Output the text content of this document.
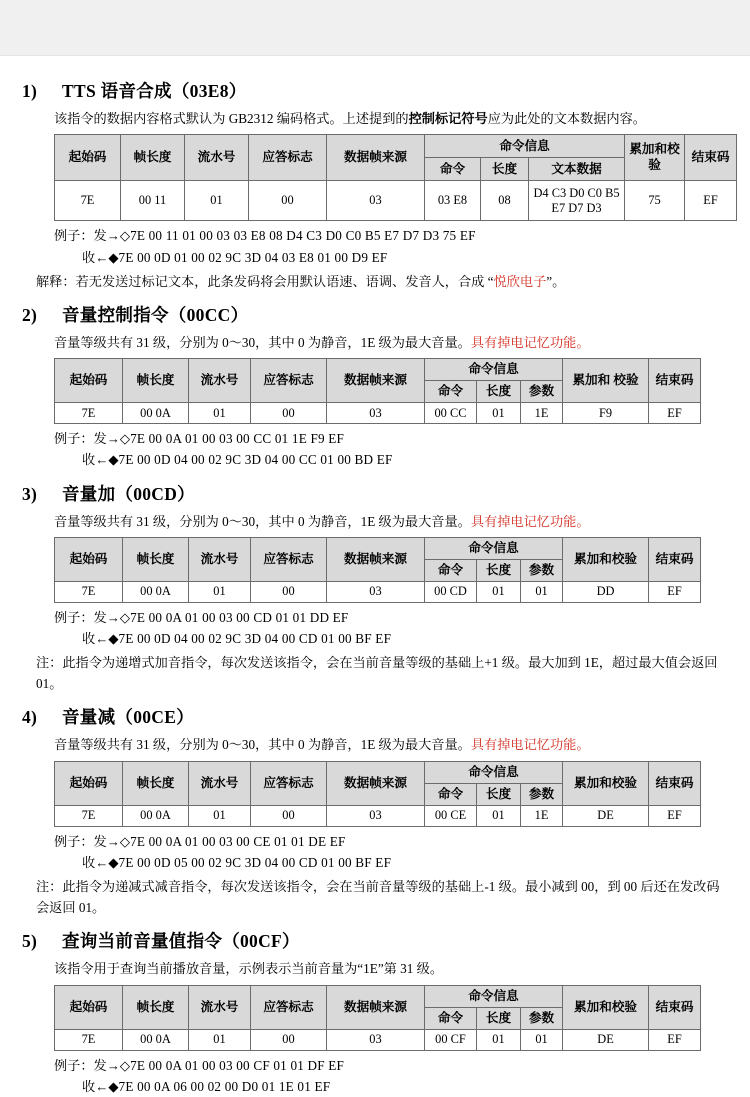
1) TTS 语音合成（03E8）
该指令的数据内容格式默认为 GB2312 编码格式。上述提到的控制标记符号应为此处的文本数据内容。
起始码	帧长度	流水号	应答标志	数据帧来源	命令信息			累加和校验	结束码
					命令	长度	文本数据		
7E	00 11	01	00	03	03 E8	08	D4 C3 D0 C0 B5 E7 D7 D3	75	EF
例子：发→◇7E 00 11 01 00 03 03 E8 08 D4 C3 D0 C0 B5 E7 D7 D3 75 EF
收←◆7E 00 0D 01 00 02 9C 3D 04 03 E8 01 00 D9 EF
解释：若无发送过标记文本，此条发码将会用默认语速、语调、发音人，合成 “悦欣电子”。
2) 音量控制指令（00CC）
音量等级共有 31 级，分别为 0～30，其中 0 为静音，1E 级为最大音量。具有掉电记忆功能。
起始码	帧长度	流水号	应答标志	数据帧来源	命令信息			累加和 校验	结束码
					命令	长度	参数		
7E	00 0A	01	00	03	00 CC	01	1E	F9	EF
例子：发→◇7E 00 0A 01 00 03 00 CC 01 1E F9 EF
收←◆7E 00 0D 04 00 02 9C 3D 04 00 CC 01 00 BD EF
3) 音量加（00CD）
音量等级共有 31 级，分别为 0～30，其中 0 为静音，1E 级为最大音量。具有掉电记忆功能。
起始码	帧长度	流水号	应答标志	数据帧来源	命令信息			累加和校验	结束码
					命令	长度	参数		
7E	00 0A	01	00	03	00 CD	01	01	DD	EF
例子：发→◇7E 00 0A 01 00 03 00 CD 01 01 DD EF
收←◆7E 00 0D 04 00 02 9C 3D 04 00 CD 01 00 BF EF
注：此指令为递增式加音指令，每次发送该指令，会在当前音量等级的基础上+1 级。最大加到 1E，超过最大值会返回 01。
4) 音量减（00CE）
音量等级共有 31 级，分别为 0～30，其中 0 为静音，1E 级为最大音量。具有掉电记忆功能。
起始码	帧长度	流水号	应答标志	数据帧来源	命令信息			累加和校验	结束码
					命令	长度	参数		
7E	00 0A	01	00	03	00 CE	01	1E	DE	EF
例子：发→◇7E 00 0A 01 00 03 00 CE 01 01 DE EF
收←◆7E 00 0D 05 00 02 9C 3D 04 00 CD 01 00 BF EF
注：此指令为递减式减音指令，每次发送该指令，会在当前音量等级的基础上-1 级。最小减到 00，到 00 后还在发改码会返回 01。
5) 查询当前音量值指令（00CF）
该指令用于查询当前播放音量，示例表示当前音量为“1E”第 31 级。
起始码	帧长度	流水号	应答标志	数据帧来源	命令信息			累加和校验	结束码
					命令	长度	参数		
7E	00 0A	01	00	03	00 CF	01	01	DE	EF
例子：发→◇7E 00 0A 01 00 03 00 CF 01 01 DF EF
收←◆7E 00 0A 06 00 02 00 D0 01 1E 01 EF
